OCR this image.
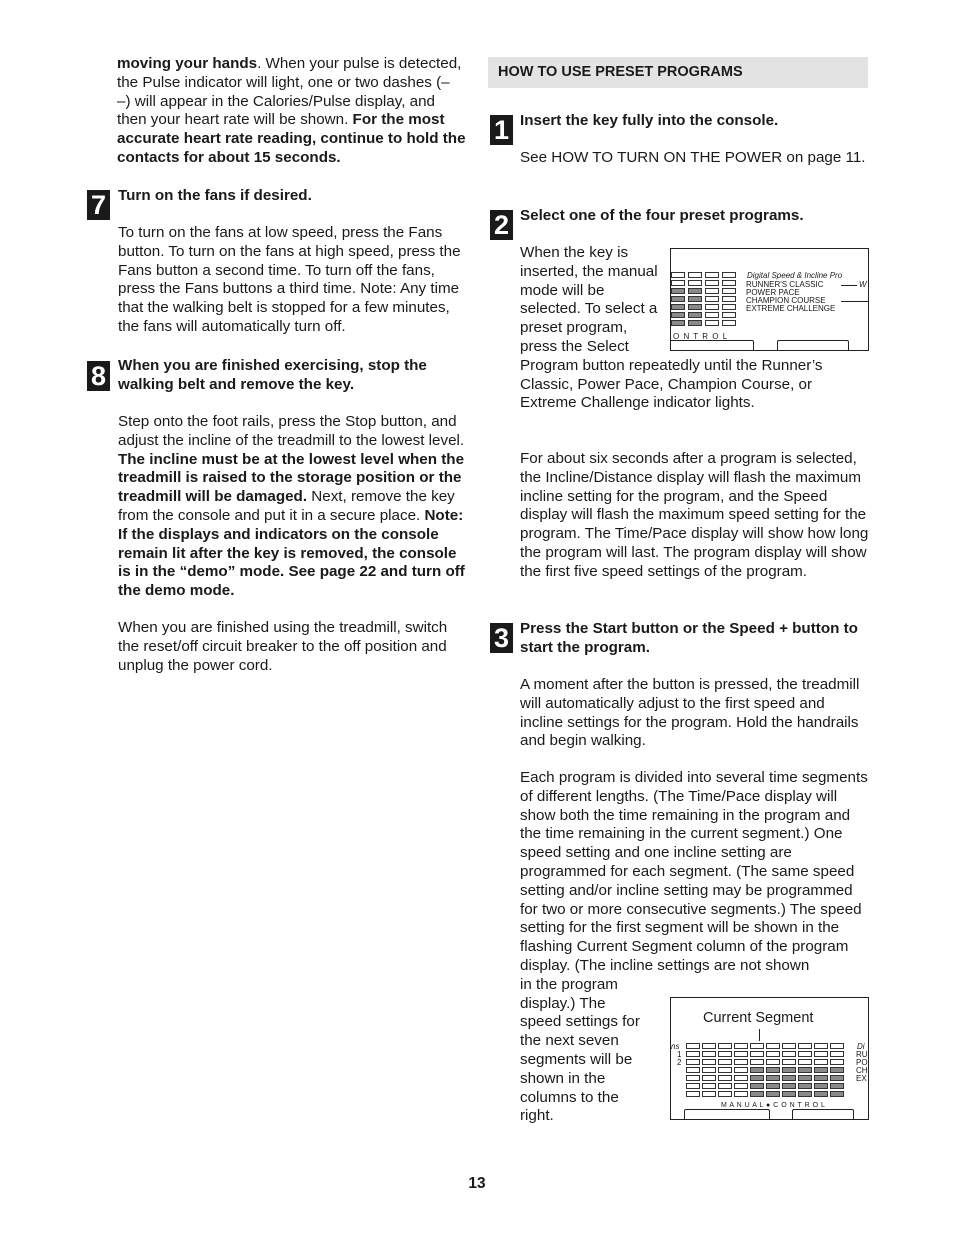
moving your hands. When your pulse is detected, the Pulse indicator will light, one or two dashes (– –) will appear in the Calories/Pulse display, and then your heart rate will be shown. For the most accurate heart rate reading, continue to hold the contacts for about 15 seconds.

7 Turn on the fans if desired.

To turn on the fans at low speed, press the Fans button. To turn on the fans at high speed, press the Fans button a second time. To turn off the fans, press the Fans buttons a third time. Note: Any time that the walking belt is stopped for a few minutes, the fans will automatically turn off.

8 When you are finished exercising, stop the walking belt and remove the key.

Step onto the foot rails, press the Stop button, and adjust the incline of the treadmill to the lowest level. The incline must be at the lowest level when the treadmill is raised to the storage position or the treadmill will be damaged. Next, remove the key from the console and put it in a secure place. Note: If the displays and indicators on the console remain lit after the key is removed, the console is in the “demo” mode. See page 22 and turn off the demo mode.

When you are finished using the treadmill, switch the reset/off circuit breaker to the off position and unplug the power cord.

HOW TO USE PRESET PROGRAMS
1 Insert the key fully into the console.

See HOW TO TURN ON THE POWER on page 11.

2 Select one of the four preset programs.

Digital Speed & Incline Pro
RUNNER'S CLASSIC
POWER PACE
CHAMPION COURSE
EXTREME CHALLENGE
W
O N T R O L

When the key is inserted, the manual mode will be selected. To select a preset program, press the Select Program button repeatedly until the Runner’s Classic, Power Pace, Champion Course, or Extreme Challenge indicator lights.

For about six seconds after a program is selected, the Incline/Distance display will flash the maximum incline setting for the program, and the Speed display will flash the maximum speed setting for the program. The Time/Pace display will show how long the program will last. The program display will show the first five speed settings of the program.

3 Press the Start button or the Speed + button to start the program.

A moment after the button is pressed, the treadmill will automatically adjust to the first speed and incline settings for the program. Hold the handrails and begin walking.

Each program is divided into several time segments of different lengths. (The Time/Pace display will show both the time remaining in the program and the time remaining in the current segment.) One speed setting and one incline setting are programmed for each segment. (The same speed setting and/or incline setting may be programmed for two or more consecutive segments.) The speed setting for the first segment will be shown in the flashing Current Segment column of the program display. (The incline settings are not shown
in the program display.) The speed settings for the next seven segments will be shown in the columns to the right.

Current Segment
ns
1
2
Di
RU
PO
CH
EX
M A N U A L ● C O N T R O L
13
